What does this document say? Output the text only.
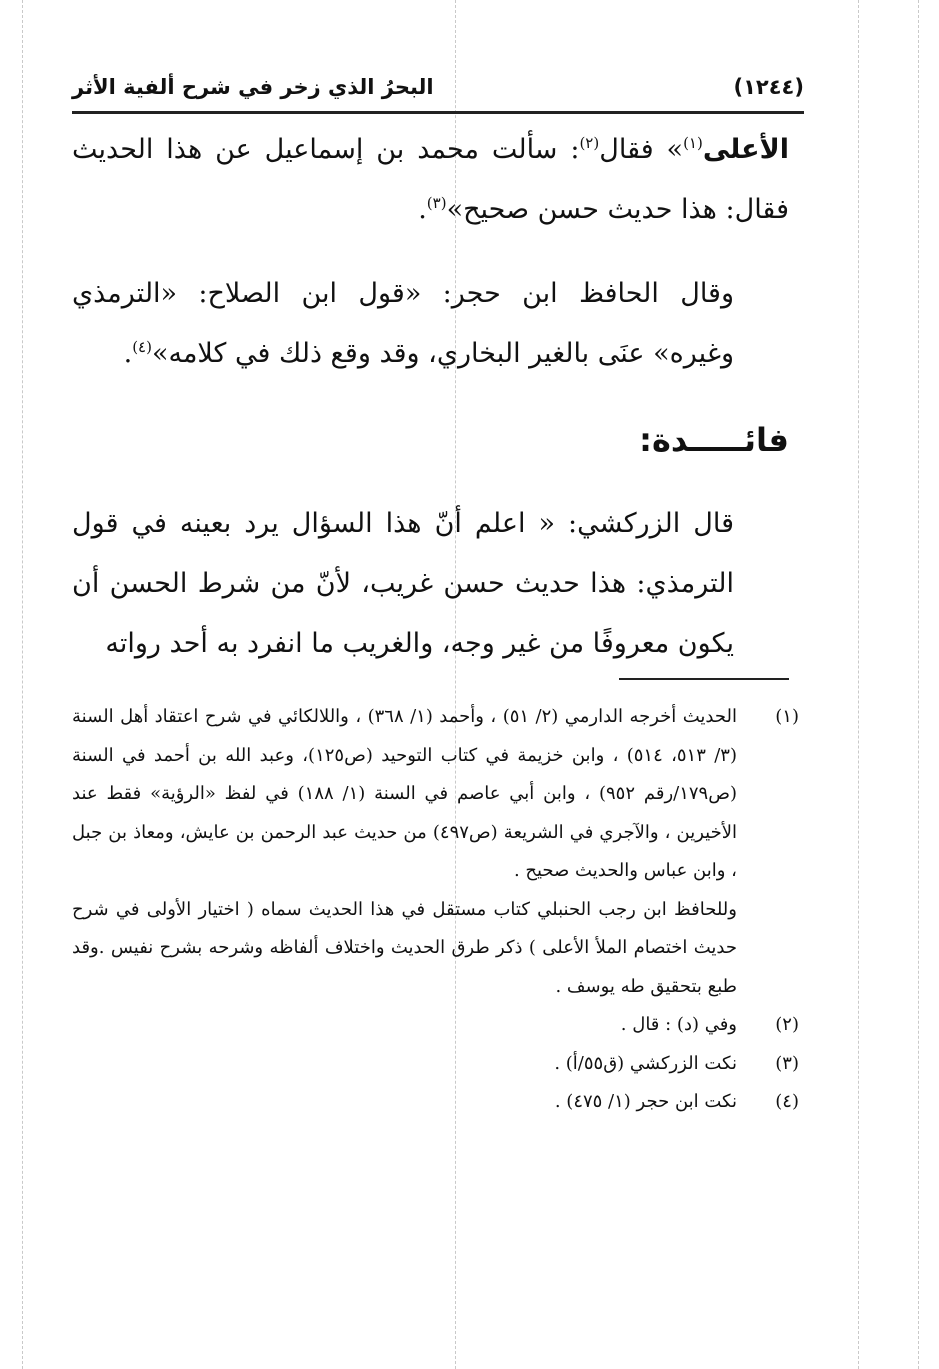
البحرُ الذي زخر في شرح ألفية الأثر	(١٢٤٤)

الأعلى$^{(١)}$» فقال$^{(٢)}$: سألت محمد بن إسماعيل عن هذا الحديث فقال: هذا حديث حسن صحيح»$^{(٣)}$.

وقال الحافظ ابن حجر: «قول ابن الصلاح: «الترمذي وغيره» عنَى بالغير البخاري، وقد وقع ذلك في كلامه»$^{(٤)}$.

فائـــــدة:

قال الزركشي: « اعلم أنّ هذا السؤال يرد بعينه في قول الترمذي: هذا حديث حسن غريب، لأنّ من شرط الحسن أن يكون معروفًا من غير وجه، والغريب ما انفرد به أحد رواته

(١)

الحديث أخرجه الدارمي (٢/ ٥١) ، وأحمد (١/ ٣٦٨) ، واللالكائي في شرح اعتقاد أهل السنة (٣/ ٥١٣، ٥١٤) ، وابن خزيمة في كتاب التوحيد (ص١٢٥)، وعبد الله بن أحمد في السنة (ص١٧٩/رقم ٩٥٢) ، وابن أبي عاصم في السنة (١/ ١٨٨) في لفظ «الرؤية» فقط عند الأخيرين ، والآجري في الشريعة (ص٤٩٧) من حديث عبد الرحمن بن عايش، ومعاذ بن جبل ، وابن عباس والحديث صحيح .

وللحافظ ابن رجب الحنبلي كتاب مستقل في هذا الحديث سماه ( اختيار الأولى في شرح حديث اختصام الملأ الأعلى ) ذكر طرق الحديث واختلاف ألفاظه وشرحه بشرح نفيس .وقد طبع بتحقيق طه يوسف .

(٢)
وفي (د) : قال .
(٣)
نكت الزركشي (ق٥٥/أ) .
(٤)
نكت ابن حجر (١/ ٤٧٥) .
